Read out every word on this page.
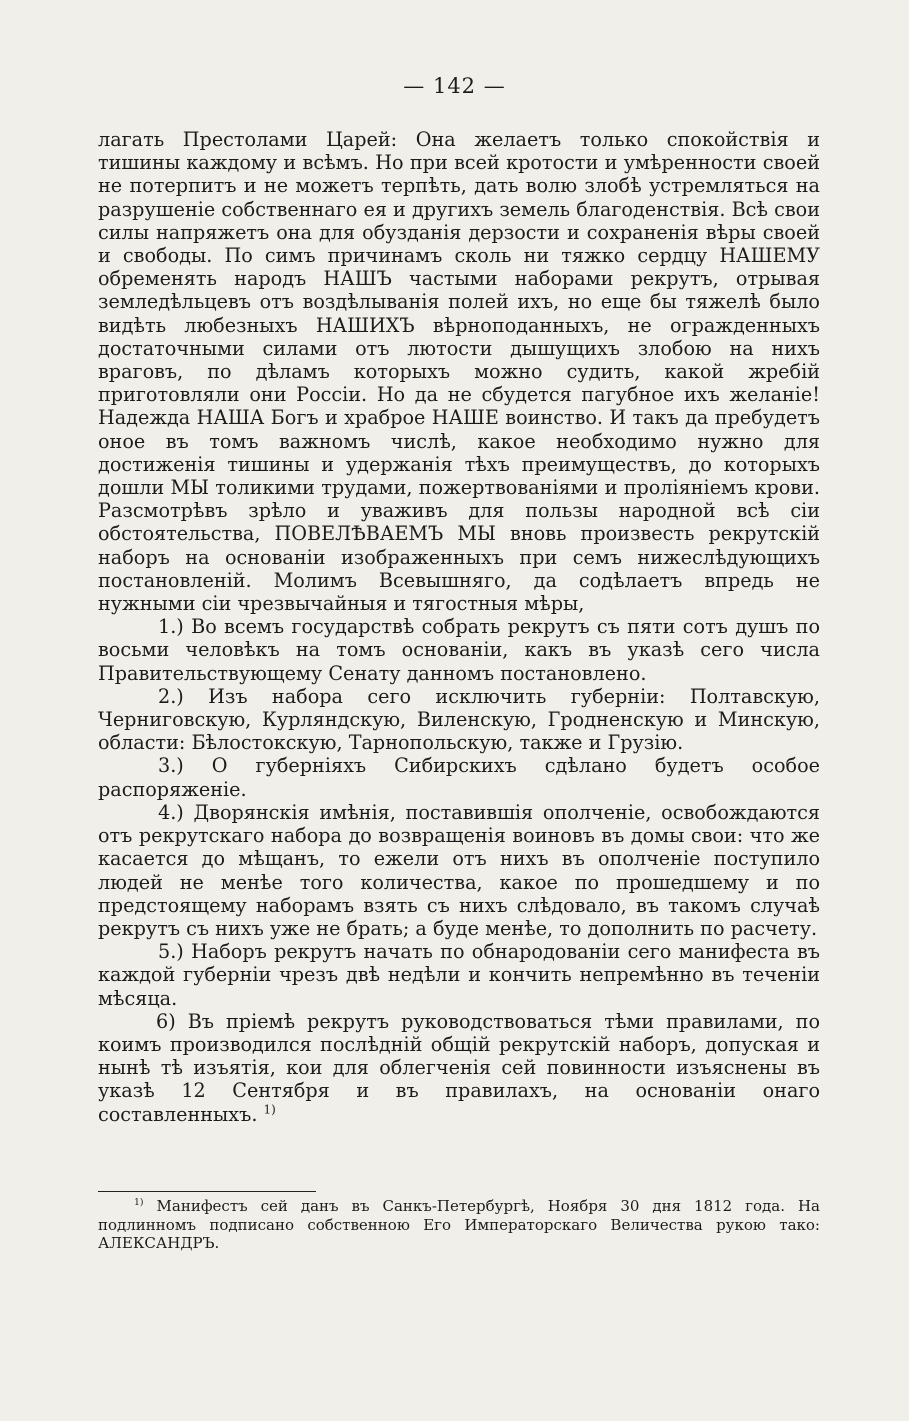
— 142 —

лагать Престолами Царей: Она желаетъ только спокойствія и тишины каждому и всѣмъ. Но при всей кротости и умѣренности своей не потерпитъ и не можетъ терпѣть, дать волю злобѣ устремляться на разрушеніе собственнаго ея и другихъ земель благоденствія. Всѣ свои силы напряжетъ она для обузданія дерзости и сохраненія вѣры своей и свободы. По симъ причинамъ сколь ни тяжко сердцу НАШЕМУ обременять народъ НАШЪ частыми наборами рекрутъ, отрывая земледѣльцевъ отъ воздѣлыванія полей ихъ, но еще бы тяжелѣ было видѣть любезныхъ НАШИХЪ вѣрноподанныхъ, не огражденныхъ достаточными силами отъ лютости дышущихъ злобою на нихъ враговъ, по дѣламъ которыхъ можно судить, какой жребій приготовляли они Россіи. Но да не сбудется пагубное ихъ желаніе! Надежда НАША Богъ и храброе НАШЕ воинство. И такъ да пребудетъ оное въ томъ важномъ числѣ, какое необходимо нужно для достиженія тишины и удержанія тѣхъ преимуществъ, до которыхъ дошли МЫ толикими трудами, пожертвованіями и проліяніемъ крови. Разсмотрѣвъ зрѣло и уваживъ для пользы народной всѣ сіи обстоятельства, ПОВЕЛѢВАЕМЪ МЫ вновь произвесть рекрутскій наборъ на основаніи изображенныхъ при семъ нижеслѣдующихъ постановленій. Молимъ Всевышняго, да содѣлаетъ впредь не нужными сіи чрезвычайныя и тягостныя мѣры,

1.) Во всемъ государствѣ собрать рекрутъ съ пяти сотъ душъ по восьми человѣкъ на томъ основаніи, какъ въ указѣ сего числа Правительствующему Сенату данномъ постановлено.

2.) Изъ набора сего исключить губерніи: Полтавскую, Черниговскую, Курляндскую, Виленскую, Гродненскую и Минскую, области: Бѣлостокскую, Тарнопольскую, также и Грузію.

3.) О губерніяхъ Сибирскихъ сдѣлано будетъ особое распоряженіе.

4.) Дворянскія имѣнія, поставившія ополченіе, освобождаются отъ рекрутскаго набора до возвращенія воиновъ въ домы свои: что же касается до мѣщанъ, то ежели отъ нихъ въ ополченіе поступило людей не менѣе того количества, какое по прошедшему и по предстоящему наборамъ взять съ нихъ слѣдовало, въ такомъ случаѣ рекрутъ съ нихъ уже не брать; а буде менѣе, то дополнить по расчету.

5.) Наборъ рекрутъ начать по обнародованіи сего манифеста въ каждой губерніи чрезъ двѣ недѣли и кончить непремѣнно въ теченіи мѣсяца.

6) Въ пріемѣ рекрутъ руководствоваться тѣми правилами, по коимъ производился послѣдній общій рекрутскій наборъ, допуская и нынѣ тѣ изъятія, кои для облегченія сей повинности изъяснены въ указѣ 12 Сентября и въ правилахъ, на основаніи онаго составленныхъ. $^{1)}$

$^{1)}$ Манифестъ сей данъ въ Санкъ-Петербургѣ, Ноября 30 дня 1812 года. На подлинномъ подписано собственною Его Императорскаго Величества рукою тако: АЛЕКСАНДРЪ.
